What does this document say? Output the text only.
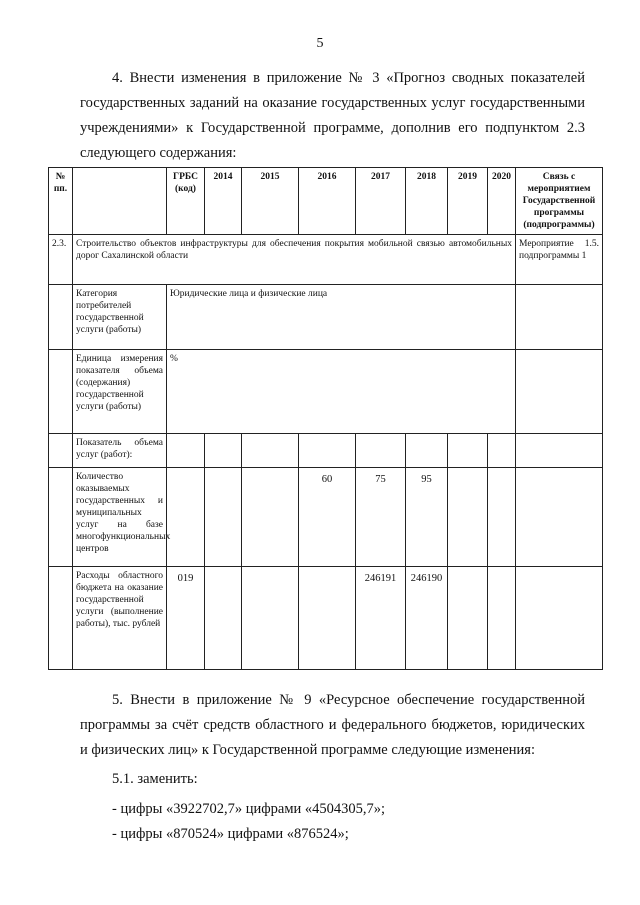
5
4. Внести изменения в приложение № 3 «Прогноз сводных показателей государственных заданий на оказание государственных услуг государственными учреждениями» к Государственной программе, дополнив его подпунктом 2.3 следующего содержания:
№ пп.		ГРБС (код)	2014	2015	2016	2017	2018	2019	2020	Связь с мероприятием Государственной программы (подпрограммы)
2.3.	Строительство объектов инфраструктуры для обеспечения покрытия мобильной связью автомобильных дорог Сахалинской области									Мероприятие 1.5. подпрограммы 1
	Категория потребителей государственной услуги (работы)	Юридические лица и физические лица								
	Единица измерения показателя объема (содержания) государственной услуги (работы)	%								
	Показатель объема услуг (работ):									
	Количество оказываемых государственных и муниципальных услуг на базе многофункциональных центров				60	75	95			
	Расходы областного бюджета на оказание государственной услуги (выполнение работы), тыс. рублей	019				246191	246190			
5. Внести в приложение № 9 «Ресурсное обеспечение государственной программы за счёт средств областного и федерального бюджетов, юридических и физических лиц» к Государственной программе следующие изменения:
5.1. заменить:
- цифры «3922702,7» цифрами «4504305,7»;
- цифры «870524» цифрами «876524»;
